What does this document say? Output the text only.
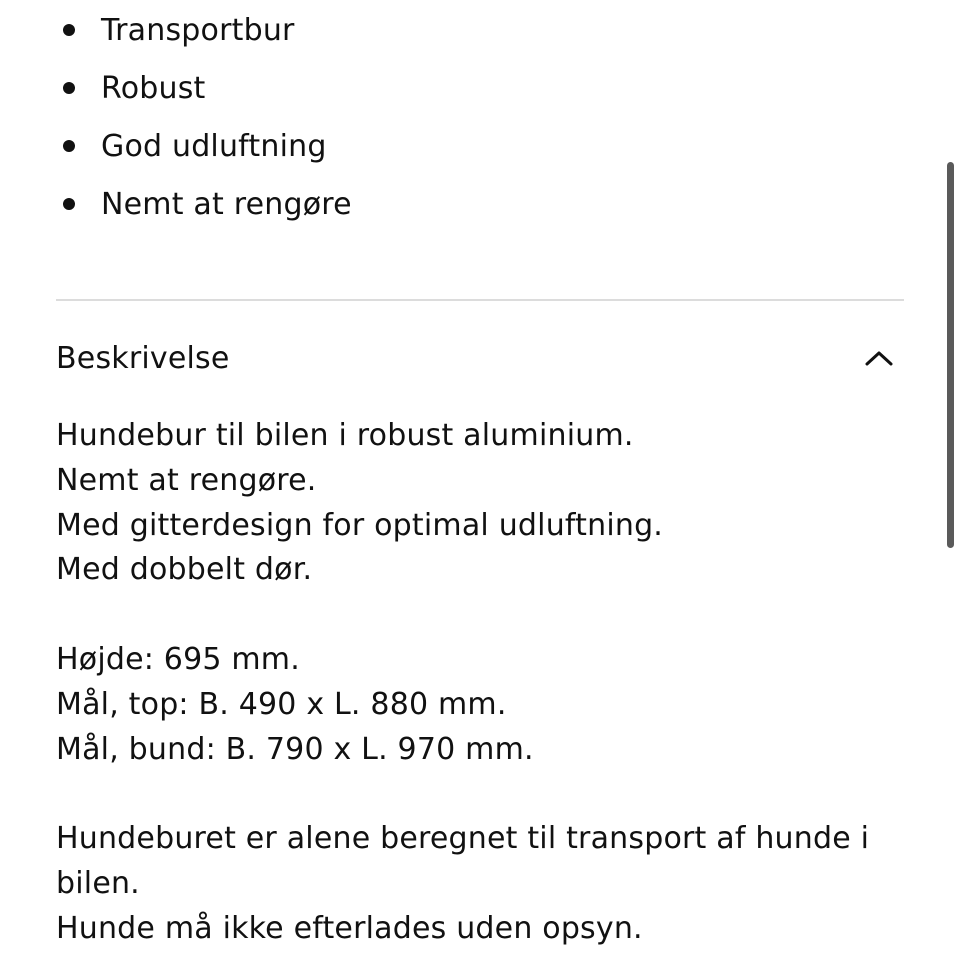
Transportbur
Robust
God udluftning
Nemt at rengøre
Beskrivelse

Hundebur til bilen i robust aluminium.
Nemt at rengøre.
Med gitterdesign for optimal udluftning.
Med dobbelt dør.

Højde: 695 mm.
Mål, top: B. 490 x L. 880 mm.
Mål, bund: B. 790 x L. 970 mm.

Hundeburet er alene beregnet til transport af hunde i
bilen.
Hunde må ikke efterlades uden opsyn.
